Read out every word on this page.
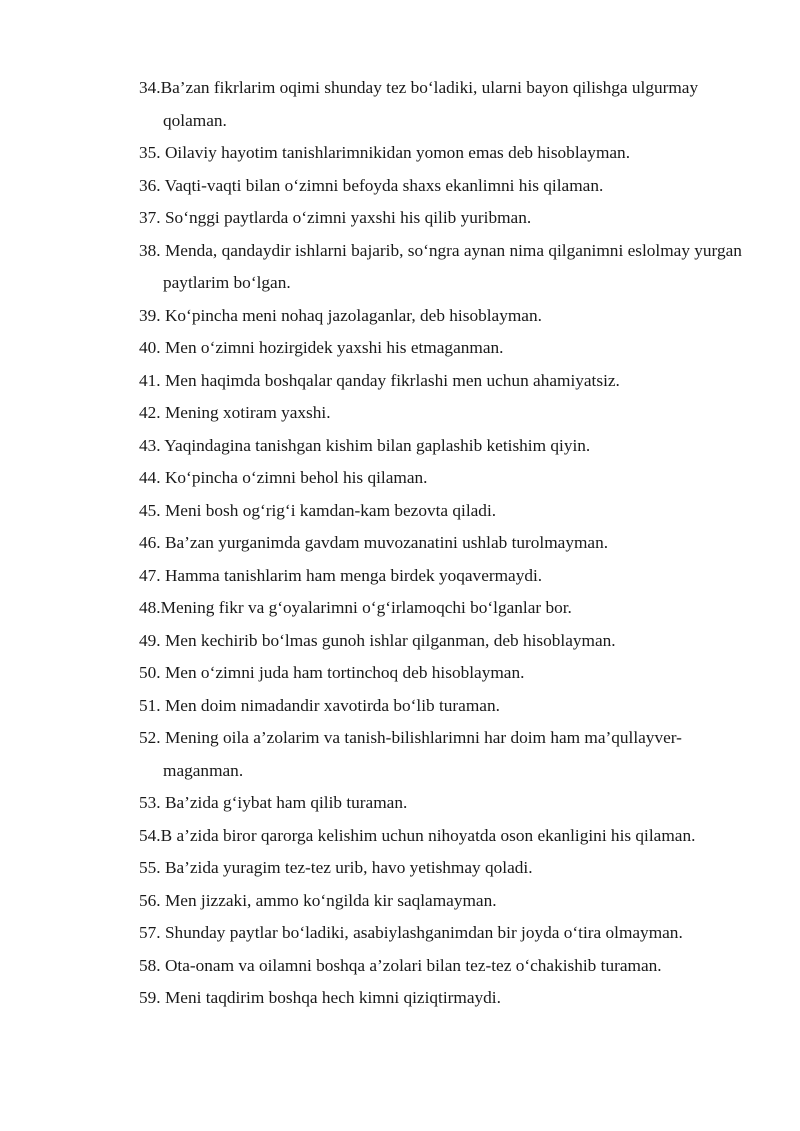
34.Ba’zan fikrlarim oqimi shunday tez bo‘ladiki, ularni bayon qilishga ulgurmay qolaman.
35. Oilaviy hayotim tanishlarimnikidan yomon emas deb hisoblayman.
36. Vaqti-vaqti bilan o‘zimni befoyda shaxs ekanlimni his qilaman.
37. So‘nggi paytlarda o‘zimni yaxshi his qilib yuribman.
38. Menda, qandaydir ishlarni bajarib, so‘ngra aynan nima qilganimni eslolmay yurgan paytlarim bo‘lgan.
39. Ko‘pincha meni nohaq jazolaganlar, deb hisoblayman.
40. Men o‘zimni hozirgidek yaxshi his etmaganman.
41. Men haqimda boshqalar qanday fikrlashi men uchun ahamiyatsiz.
42. Mening xotiram yaxshi.
43. Yaqindagina tanishgan kishim bilan gaplashib ketishim qiyin.
44. Ko‘pincha o‘zimni behol his qilaman.
45. Meni bosh og‘rig‘i kamdan-kam bezovta qiladi.
46. Ba’zan yurganimda gavdam muvozanatini ushlab turolmayman.
47. Hamma tanishlarim ham menga birdek yoqavermaydi.
48.Mening fikr va g‘oyalarimni o‘g‘irlamoqchi bo‘lganlar bor.
49. Men kechirib bo‘lmas gunoh ishlar qilganman, deb hisoblayman.
50. Men o‘zimni juda ham tortinchoq deb hisoblayman.
51. Men doim nimadandir xavotirda bo‘lib turaman.
52. Mening oila a’zolarim va tanish-bilishlarimni har doim ham ma’qullayver-maganman.
53. Ba’zida g‘iybat ham qilib turaman.
54.B a’zida biror qarorga kelishim uchun nihoyatda oson ekanligini his qilaman.
55. Ba’zida yuragim tez-tez urib, havo yetishmay qoladi.
56. Men jizzaki, ammo ko‘ngilda kir saqlamayman.
57. Shunday paytlar bo‘ladiki, asabiylashganimdan bir joyda o‘tira olmayman.
58. Ota-onam va oilamni boshqa a’zolari bilan tez-tez o‘chakishib turaman.
59. Meni taqdirim boshqa hech kimni qiziqtirmaydi.
